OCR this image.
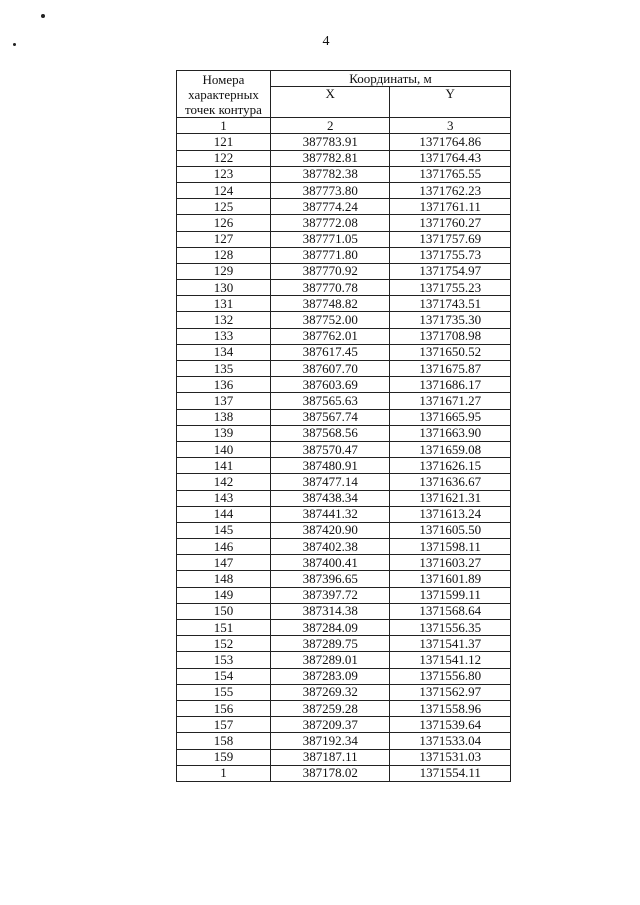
4
Номера
характерных
точек контура	Координаты, м	
	X	Y
1	2	3
121	387783.91	1371764.86
122	387782.81	1371764.43
123	387782.38	1371765.55
124	387773.80	1371762.23
125	387774.24	1371761.11
126	387772.08	1371760.27
127	387771.05	1371757.69
128	387771.80	1371755.73
129	387770.92	1371754.97
130	387770.78	1371755.23
131	387748.82	1371743.51
132	387752.00	1371735.30
133	387762.01	1371708.98
134	387617.45	1371650.52
135	387607.70	1371675.87
136	387603.69	1371686.17
137	387565.63	1371671.27
138	387567.74	1371665.95
139	387568.56	1371663.90
140	387570.47	1371659.08
141	387480.91	1371626.15
142	387477.14	1371636.67
143	387438.34	1371621.31
144	387441.32	1371613.24
145	387420.90	1371605.50
146	387402.38	1371598.11
147	387400.41	1371603.27
148	387396.65	1371601.89
149	387397.72	1371599.11
150	387314.38	1371568.64
151	387284.09	1371556.35
152	387289.75	1371541.37
153	387289.01	1371541.12
154	387283.09	1371556.80
155	387269.32	1371562.97
156	387259.28	1371558.96
157	387209.37	1371539.64
158	387192.34	1371533.04
159	387187.11	1371531.03
1	387178.02	1371554.11
